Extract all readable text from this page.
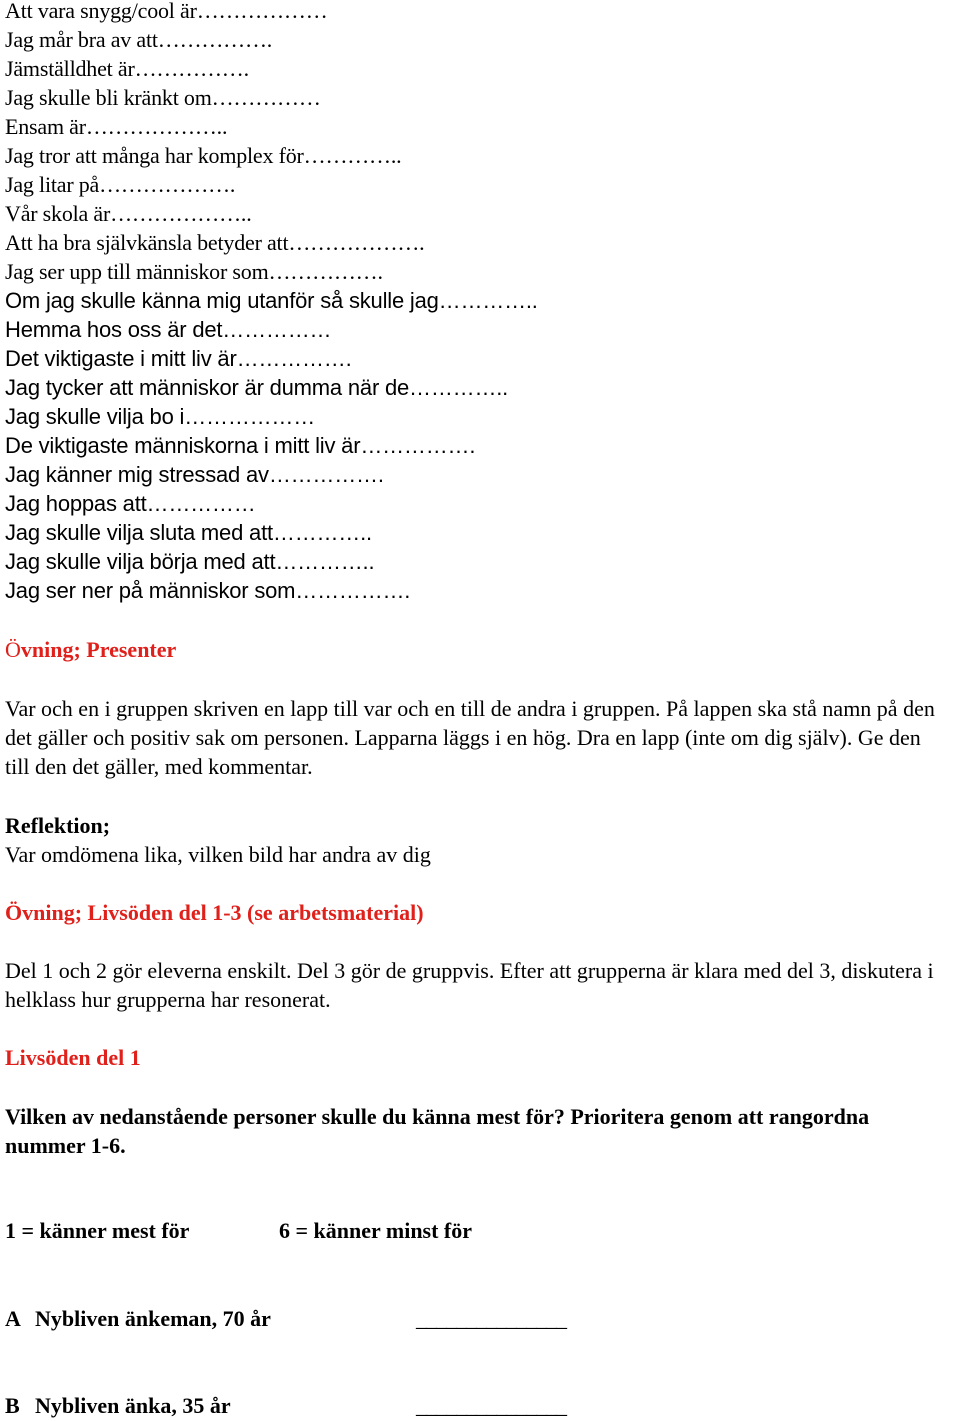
Att vara snygg/cool är………………
Jag mår bra av att…………….
Jämställdhet är…………….
Jag skulle bli kränkt om……………
Ensam är………………..
Jag tror att många har komplex för…………..
Jag litar på……………….
Vår skola är………………..
Att ha bra självkänsla betyder att……………….
Jag ser upp till människor som…………….
Om jag skulle känna mig utanför så skulle jag…………..
Hemma hos oss är det……………
Det viktigaste i mitt liv är…………….
Jag tycker att människor är dumma när de…………..
Jag skulle vilja bo i………………
De viktigaste människorna i mitt liv är…………….
Jag känner mig stressad av…………….
Jag hoppas att……………
Jag skulle vilja sluta med att…………..
Jag skulle vilja börja med att…………..
Jag ser ner på människor som…………….
Övning; Presenter

Var och en i gruppen skriven en lapp till var och en till de andra i gruppen. På lappen ska stå namn på den det gäller och positiv sak om personen. Lapparna läggs i en hög. Dra en lapp (inte om dig själv). Ge den till den det gäller, med kommentar.

Reflektion;

Var omdömena lika, vilken bild har andra av dig

Övning; Livsöden del 1-3 (se arbetsmaterial)

Del 1 och 2 gör eleverna enskilt. Del 3 gör de gruppvis. Efter att grupperna är klara med del 3, diskutera i helklass hur grupperna har resonerat.

Livsöden del 1

Vilken av nedanstående personer skulle du känna mest för? Prioritera genom att rangordna nummer 1-6.

1 = känner mest för	6 = känner minst för
A Nybliven änkeman, 70 år	_______________
B Nybliven änka, 35 år	_______________
